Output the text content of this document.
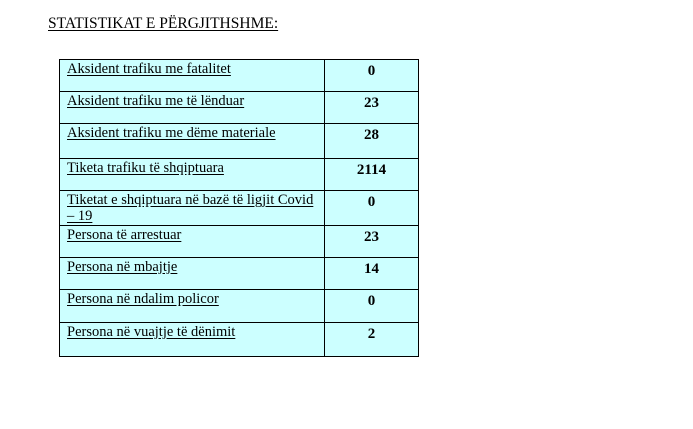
STATISTIKAT E PËRGJITHSHME:
Aksident trafiku me fatalitet	0
Aksident trafiku me të lënduar	23
Aksident trafiku me dëme materiale	28
Tiketa trafiku të shqiptuara	2114
Tiketat e shqiptuara në bazë të ligjit Covid – 19	0
Persona të arrestuar	23
Persona në mbajtje	14
Persona në ndalim policor	0
Persona në vuajtje të dënimit	2
